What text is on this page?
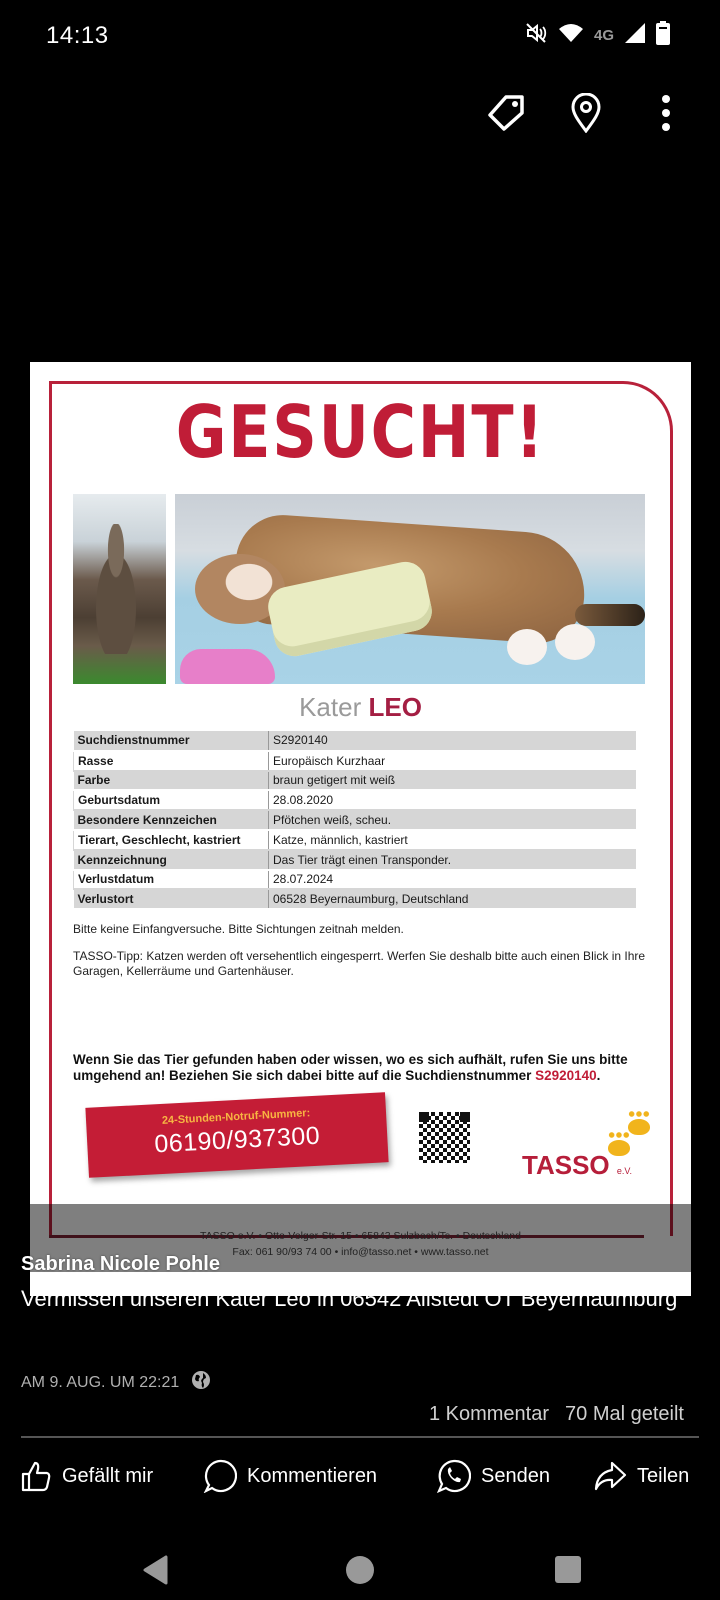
14:13	4G
GESUCHT!
Kater LEO
Suchdienstnummer	S2920140
Rasse	Europäisch Kurzhaar
Farbe	braun getigert mit weiß
Geburtsdatum	28.08.2020
Besondere Kennzeichen	Pfötchen weiß, scheu.
Tierart, Geschlecht, kastriert	Katze, männlich, kastriert
Kennzeichnung	Das Tier trägt einen Transponder.
Verlustdatum	28.07.2024
Verlustort	06528 Beyernaumburg, Deutschland
Bitte keine Einfangversuche. Bitte Sichtungen zeitnah melden.
TASSO-Tipp: Katzen werden oft versehentlich eingesperrt. Werfen Sie deshalb bitte auch einen Blick in Ihre Garagen, Kellerräume und Gartenhäuser.
Wenn Sie das Tier gefunden haben oder wissen, wo es sich aufhält, rufen Sie uns bitte umgehend an! Beziehen Sie sich dabei bitte auf die Suchdienstnummer S2920140.
24-Stunden-Notruf-Nummer:
06190/937300
TASSO e.V.
TASSO e.V. • Otto-Volger-Str. 15 • 65843 Sulzbach/Ts. • Deutschland
Fax: 061 90/93 74 00 • info@tasso.net • www.tasso.net
Sabrina Nicole Pohle
Vermissen unseren Kater Leo in 06542 Allstedt OT Beyernaumburg
AM 9. AUG. UM 22:21
1 Kommentar 70 Mal geteilt
Gefällt mir	Kommentieren	Senden	Teilen
